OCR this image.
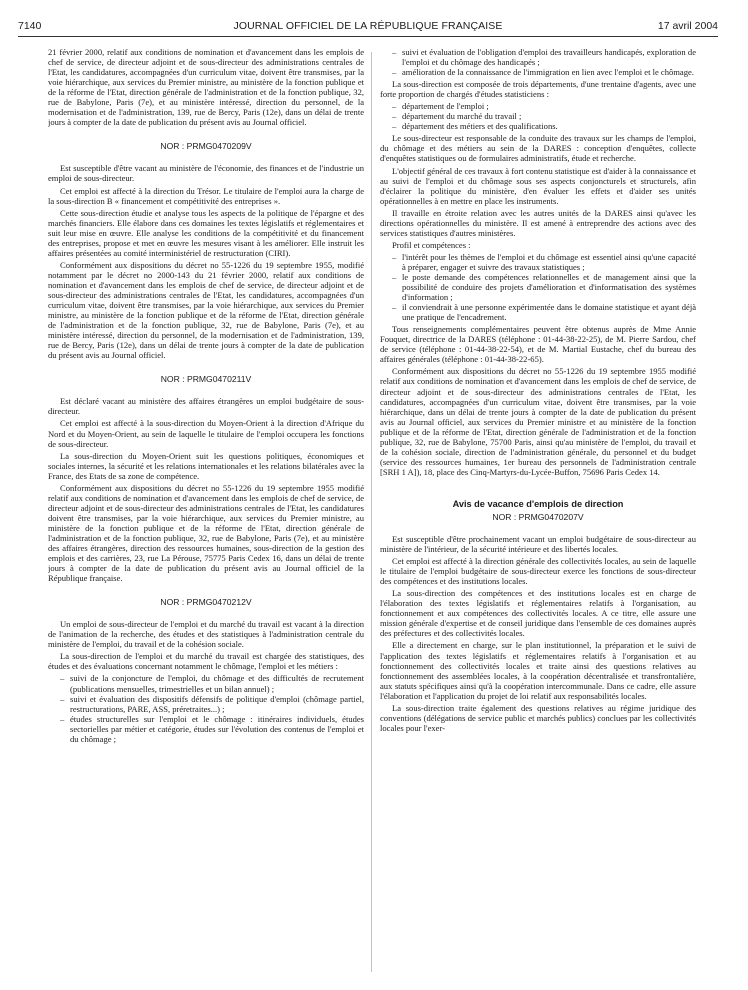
7140	JOURNAL OFFICIEL DE LA RÉPUBLIQUE FRANÇAISE	17 avril 2004

21 février 2000, relatif aux conditions de nomination et d'avancement dans les emplois de chef de service, de directeur adjoint et de sous-directeur des administrations centrales de l'Etat, les candidatures, accompagnées d'un curriculum vitae, doivent être transmises, par la voie hiérarchique, aux services du Premier ministre, au ministère de la fonction publique et de la réforme de l'Etat, direction générale de l'administration et de la fonction publique, 32, rue de Babylone, Paris (7e), et au ministère intéressé, direction du personnel, de la modernisation et de l'administration, 139, rue de Bercy, Paris (12e), dans un délai de trente jours à compter de la date de publication du présent avis au Journal officiel.

NOR : PRMG0470209V

Est susceptible d'être vacant au ministère de l'économie, des finances et de l'industrie un emploi de sous-directeur.

Cet emploi est affecté à la direction du Trésor. Le titulaire de l'emploi aura la charge de la sous-direction B « financement et compétitivité des entreprises ».

Cette sous-direction étudie et analyse tous les aspects de la politique de l'épargne et des marchés financiers. Elle élabore dans ces domaines les textes législatifs et réglementaires et suit leur mise en œuvre. Elle analyse les conditions de la compétitivité et du financement des entreprises, propose et met en œuvre les mesures visant à les améliorer. Elle instruit les affaires présentées au comité interministériel de restructuration (CIRI).

Conformément aux dispositions du décret no 55-1226 du 19 septembre 1955, modifié notamment par le décret no 2000-143 du 21 février 2000, relatif aux conditions de nomination et d'avancement dans les emplois de chef de service, de directeur adjoint et de sous-directeur des administrations centrales de l'Etat, les candidatures, accompagnées d'un curriculum vitae, doivent être transmises, par la voie hiérarchique, aux services du Premier ministre, au ministère de la fonction publique et de la réforme de l'Etat, direction générale de l'administration et de la fonction publique, 32, rue de Babylone, Paris (7e), et au ministère intéressé, direction du personnel, de la modernisation et de l'administration, 139, rue de Bercy, Paris (12e), dans un délai de trente jours à compter de la date de publication du présent avis au Journal officiel.

NOR : PRMG0470211V

Est déclaré vacant au ministère des affaires étrangères un emploi budgétaire de sous-directeur.

Cet emploi est affecté à la sous-direction du Moyen-Orient à la direction d'Afrique du Nord et du Moyen-Orient, au sein de laquelle le titulaire de l'emploi occupera les fonctions de sous-directeur.

La sous-direction du Moyen-Orient suit les questions politiques, économiques et sociales internes, la sécurité et les relations internationales et les relations bilatérales avec la France, des Etats de sa zone de compétence.

Conformément aux dispositions du décret no 55-1226 du 19 septembre 1955 modifié relatif aux conditions de nomination et d'avancement dans les emplois de chef de service, de directeur adjoint et de sous-directeur des administrations centrales de l'Etat, les candidatures doivent être transmises, par la voie hiérarchique, aux services du Premier ministre, au ministère de la fonction publique et de la réforme de l'Etat, direction générale de l'administration et de la fonction publique, 32, rue de Babylone, Paris (7e), et au ministère des affaires étrangères, direction des ressources humaines, sous-direction de la gestion des emplois et des carrières, 23, rue La Pérouse, 75775 Paris Cedex 16, dans un délai de trente jours à compter de la date de publication du présent avis au Journal officiel de la République française.

NOR : PRMG0470212V

Un emploi de sous-directeur de l'emploi et du marché du travail est vacant à la direction de l'animation de la recherche, des études et des statistiques à l'administration centrale du ministère de l'emploi, du travail et de la cohésion sociale.

La sous-direction de l'emploi et du marché du travail est chargée des statistiques, des études et des évaluations concernant notamment le chômage, l'emploi et les métiers :

– suivi de la conjoncture de l'emploi, du chômage et des difficultés de recrutement (publications mensuelles, trimestrielles et un bilan annuel) ;
– suivi et évaluation des dispositifs défensifs de politique d'emploi (chômage partiel, restructurations, PARE, ASS, préretraites...) ;
– études structurelles sur l'emploi et le chômage : itinéraires individuels, études sectorielles par métier et catégorie, études sur l'évolution des contenus de l'emploi et du chômage ;
– suivi et évaluation de l'obligation d'emploi des travailleurs handicapés, exploration de l'emploi et du chômage des handicapés ;
– amélioration de la connaissance de l'immigration en lien avec l'emploi et le chômage.

La sous-direction est composée de trois départements, d'une trentaine d'agents, avec une forte proportion de chargés d'études statisticiens :

– département de l'emploi ;
– département du marché du travail ;
– département des métiers et des qualifications.

Le sous-directeur est responsable de la conduite des travaux sur les champs de l'emploi, du chômage et des métiers au sein de la DARES : conception d'enquêtes, collecte d'enquêtes statistiques ou de formulaires administratifs, étude et recherche.

L'objectif général de ces travaux à fort contenu statistique est d'aider à la connaissance et au suivi de l'emploi et du chômage sous ses aspects conjoncturels et structurels, afin d'éclairer la politique du ministère, d'en évaluer les effets et d'aider ses unités opérationnelles à en mettre en place les instruments.

Il travaille en étroite relation avec les autres unités de la DARES ainsi qu'avec les directions opérationnelles du ministère. Il est amené à entreprendre des actions avec des services statistiques d'autres ministères.

Profil et compétences :

– l'intérêt pour les thèmes de l'emploi et du chômage est essentiel ainsi qu'une capacité à préparer, engager et suivre des travaux statistiques ;
– le poste demande des compétences relationnelles et de management ainsi que la possibilité de conduire des projets d'amélioration et d'informatisation des systèmes d'information ;
– il conviendrait à une personne expérimentée dans le domaine statistique et ayant déjà une pratique de l'encadrement.

Tous renseignements complémentaires peuvent être obtenus auprès de Mme Annie Fouquet, directrice de la DARES (téléphone : 01-44-38-22-25), de M. Pierre Sardou, chef de service (téléphone : 01-44-38-22-54), et de M. Martial Eustache, chef du bureau des affaires générales (téléphone : 01-44-38-22-65).

Conformément aux dispositions du décret no 55-1226 du 19 septembre 1955 modifié relatif aux conditions de nomination et d'avancement dans les emplois de chef de service, de directeur adjoint et de sous-directeur des administrations centrales de l'Etat, les candidatures, accompagnées d'un curriculum vitae, doivent être transmises, par la voie hiérarchique, dans un délai de trente jours à compter de la date de publication du présent avis au Journal officiel, aux services du Premier ministre et au ministère de la fonction publique et de la réforme de l'Etat, direction générale de l'administration et de la fonction publique, 32, rue de Babylone, 75700 Paris, ainsi qu'au ministère de l'emploi, du travail et de la cohésion sociale, direction de l'administration générale, du personnel et du budget (service des ressources humaines, 1er bureau des personnels de l'administration centrale [SRH 1 A]), 18, place des Cinq-Martyrs-du-Lycée-Buffon, 75696 Paris Cedex 14.

Avis de vacance d'emplois de direction
NOR : PRMG0470207V

Est susceptible d'être prochainement vacant un emploi budgétaire de sous-directeur au ministère de l'intérieur, de la sécurité intérieure et des libertés locales.

Cet emploi est affecté à la direction générale des collectivités locales, au sein de laquelle le titulaire de l'emploi budgétaire de sous-directeur exerce les fonctions de sous-directeur des compétences et des institutions locales.

La sous-direction des compétences et des institutions locales est en charge de l'élaboration des textes législatifs et réglementaires relatifs à l'organisation, au fonctionnement et aux compétences des collectivités locales. A ce titre, elle assure une mission générale d'expertise et de conseil juridique dans l'ensemble de ces domaines auprès des préfectures et des collectivités locales.

Elle a directement en charge, sur le plan institutionnel, la préparation et le suivi de l'application des textes législatifs et réglementaires relatifs à l'organisation et au fonctionnement des collectivités locales et traite ainsi des questions relatives au fonctionnement des assemblées locales, à la coopération décentralisée et transfrontalière, aux statuts spécifiques ainsi qu'à la coopération intercommunale. Dans ce cadre, elle assure l'élaboration et l'application du projet de loi relatif aux responsabilités locales.

La sous-direction traite également des questions relatives au régime juridique des conventions (délégations de service public et marchés publics) conclues par les collectivités locales pour l'exer-
